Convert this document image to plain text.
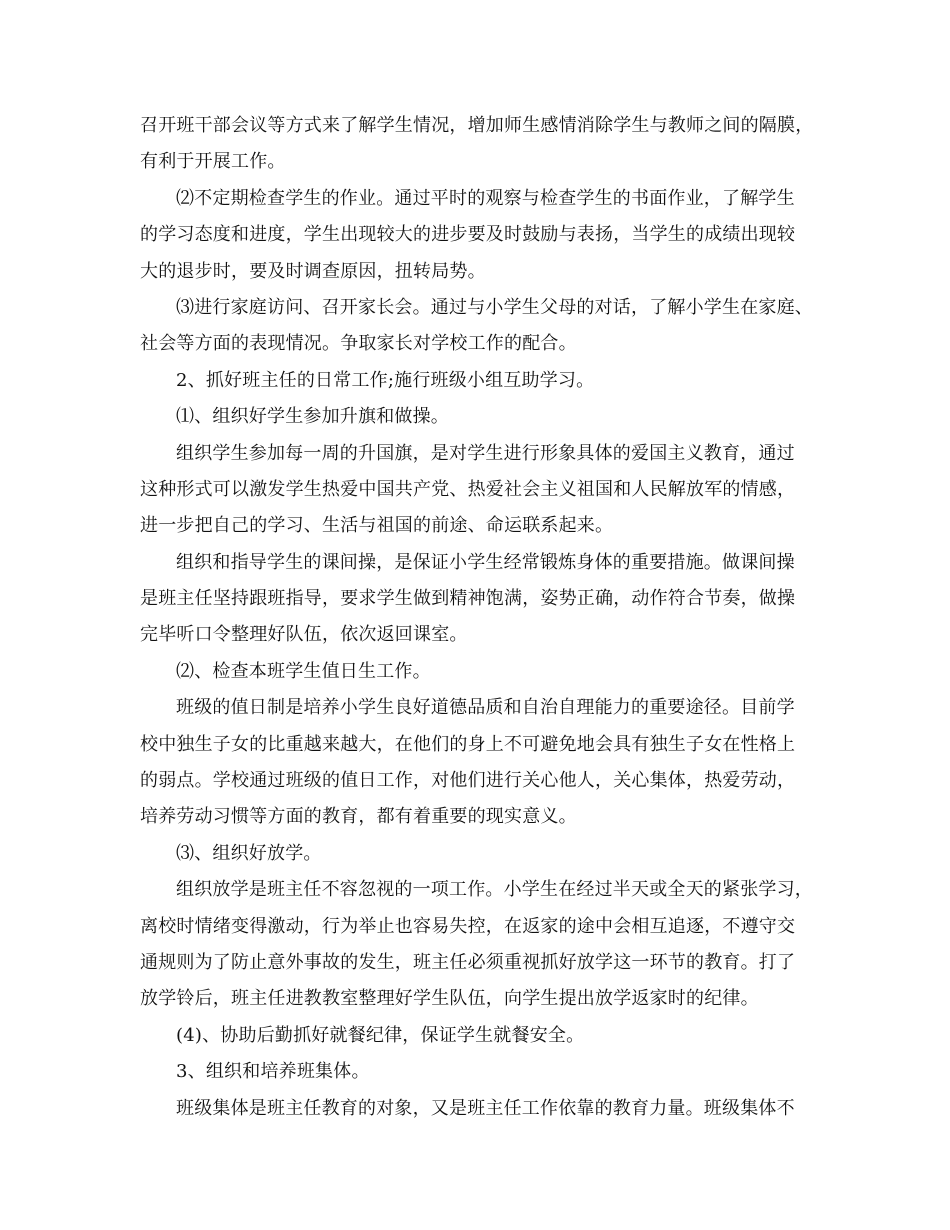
召开班干部会议等方式来了解学生情况，增加师生感情消除学生与教师之间的隔膜，
有利于开展工作。
⑵不定期检查学生的作业。通过平时的观察与检查学生的书面作业，了解学生
的学习态度和进度，学生出现较大的进步要及时鼓励与表扬，当学生的成绩出现较
大的退步时，要及时调查原因，扭转局势。
⑶进行家庭访问、召开家长会。通过与小学生父母的对话，了解小学生在家庭、
社会等方面的表现情况。争取家长对学校工作的配合。
2、抓好班主任的日常工作;施行班级小组互助学习。
⑴、组织好学生参加升旗和做操。
组织学生参加每一周的升国旗，是对学生进行形象具体的爱国主义教育，通过
这种形式可以激发学生热爱中国共产党、热爱社会主义祖国和人民解放军的情感，
进一步把自己的学习、生活与祖国的前途、命运联系起来。
组织和指导学生的课间操，是保证小学生经常锻炼身体的重要措施。做课间操
是班主任坚持跟班指导，要求学生做到精神饱满，姿势正确，动作符合节奏，做操
完毕听口令整理好队伍，依次返回课室。
⑵、检查本班学生值日生工作。
班级的值日制是培养小学生良好道德品质和自治自理能力的重要途径。目前学
校中独生子女的比重越来越大，在他们的身上不可避免地会具有独生子女在性格上
的弱点。学校通过班级的值日工作，对他们进行关心他人，关心集体，热爱劳动，
培养劳动习惯等方面的教育，都有着重要的现实意义。
⑶、组织好放学。
组织放学是班主任不容忽视的一项工作。小学生在经过半天或全天的紧张学习，
离校时情绪变得激动，行为举止也容易失控，在返家的途中会相互追逐，不遵守交
通规则为了防止意外事故的发生，班主任必须重视抓好放学这一环节的教育。打了
放学铃后，班主任进教教室整理好学生队伍，向学生提出放学返家时的纪律。
(4)、协助后勤抓好就餐纪律，保证学生就餐安全。
3、组织和培养班集体。
班级集体是班主任教育的对象，又是班主任工作依靠的教育力量。班级集体不
